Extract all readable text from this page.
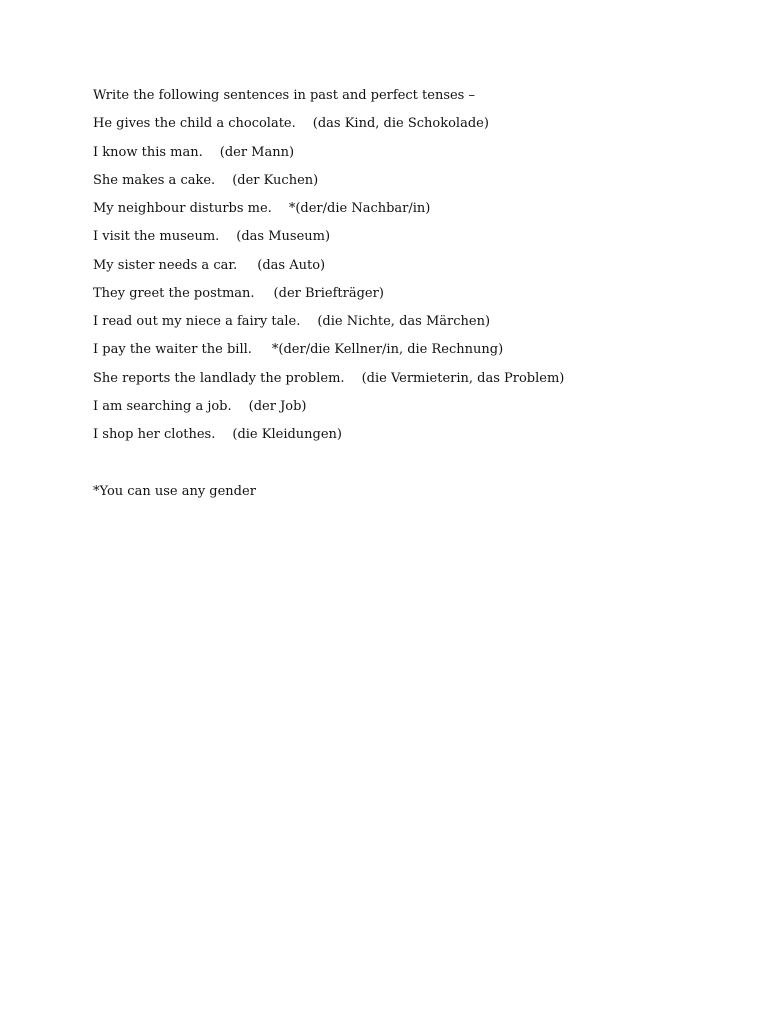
Write the following sentences in past and perfect tenses –
He gives the child a chocolate. (das Kind, die Schokolade)
I know this man. (der Mann)
She makes a cake. (der Kuchen)
My neighbour disturbs me. *(der/die Nachbar/in)
I visit the museum. (das Museum)
My sister needs a car. (das Auto)
They greet the postman. (der Briefträger)
I read out my niece a fairy tale. (die Nichte, das Märchen)
I pay the waiter the bill. *(der/die Kellner/in, die Rechnung)
She reports the landlady the problem. (die Vermieterin, das Problem)
I am searching a job. (der Job)
I shop her clothes. (die Kleidungen)
*You can use any gender
